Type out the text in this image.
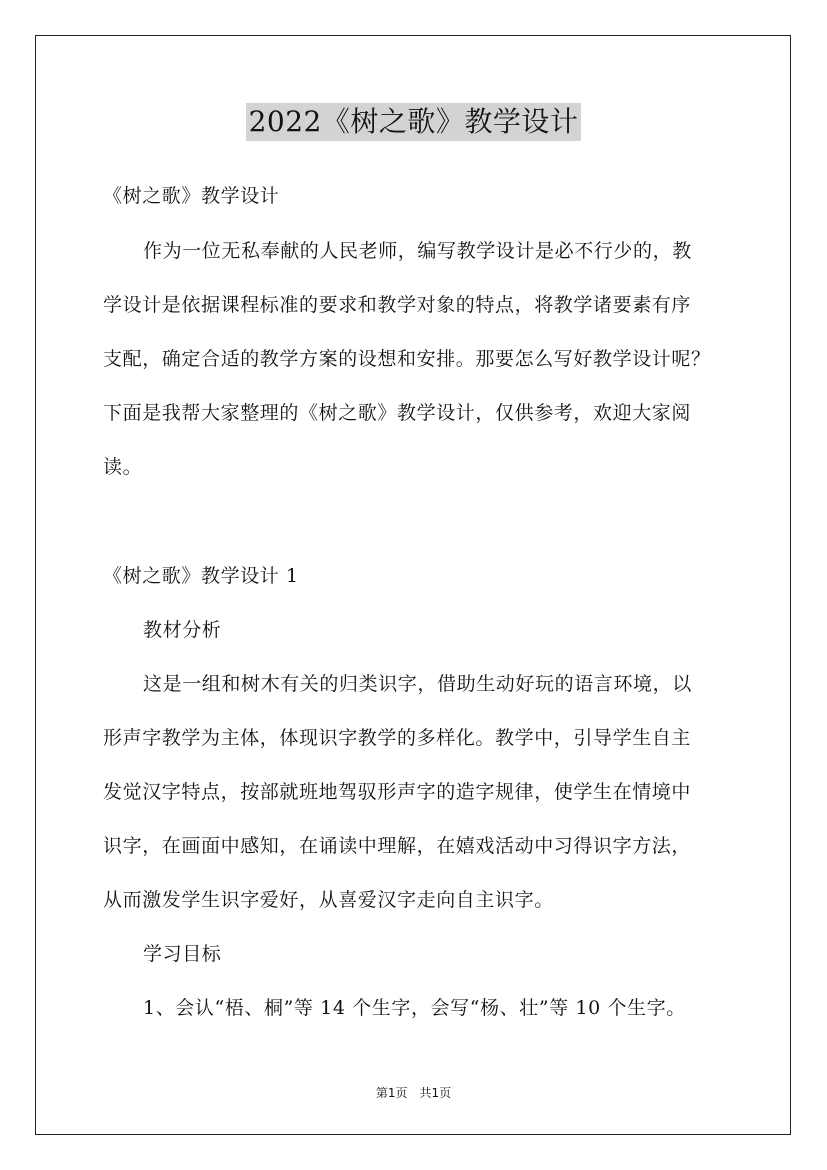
2022《树之歌》教学设计
《树之歌》教学设计
作为一位无私奉献的人民老师，编写教学设计是必不行少的，教
学设计是依据课程标准的要求和教学对象的特点，将教学诸要素有序
支配，确定合适的教学方案的设想和安排。那要怎么写好教学设计呢？
下面是我帮大家整理的《树之歌》教学设计，仅供参考，欢迎大家阅
读。
《树之歌》教学设计 1
教材分析
这是一组和树木有关的归类识字，借助生动好玩的语言环境，以
形声字教学为主体，体现识字教学的多样化。教学中，引导学生自主
发觉汉字特点，按部就班地驾驭形声字的造字规律，使学生在情境中
识字，在画面中感知，在诵读中理解，在嬉戏活动中习得识字方法，
从而激发学生识字爱好，从喜爱汉字走向自主识字。
学习目标
1、会认“梧、桐”等 14 个生字，会写“杨、壮”等 10 个生字。
第1页　共1页
